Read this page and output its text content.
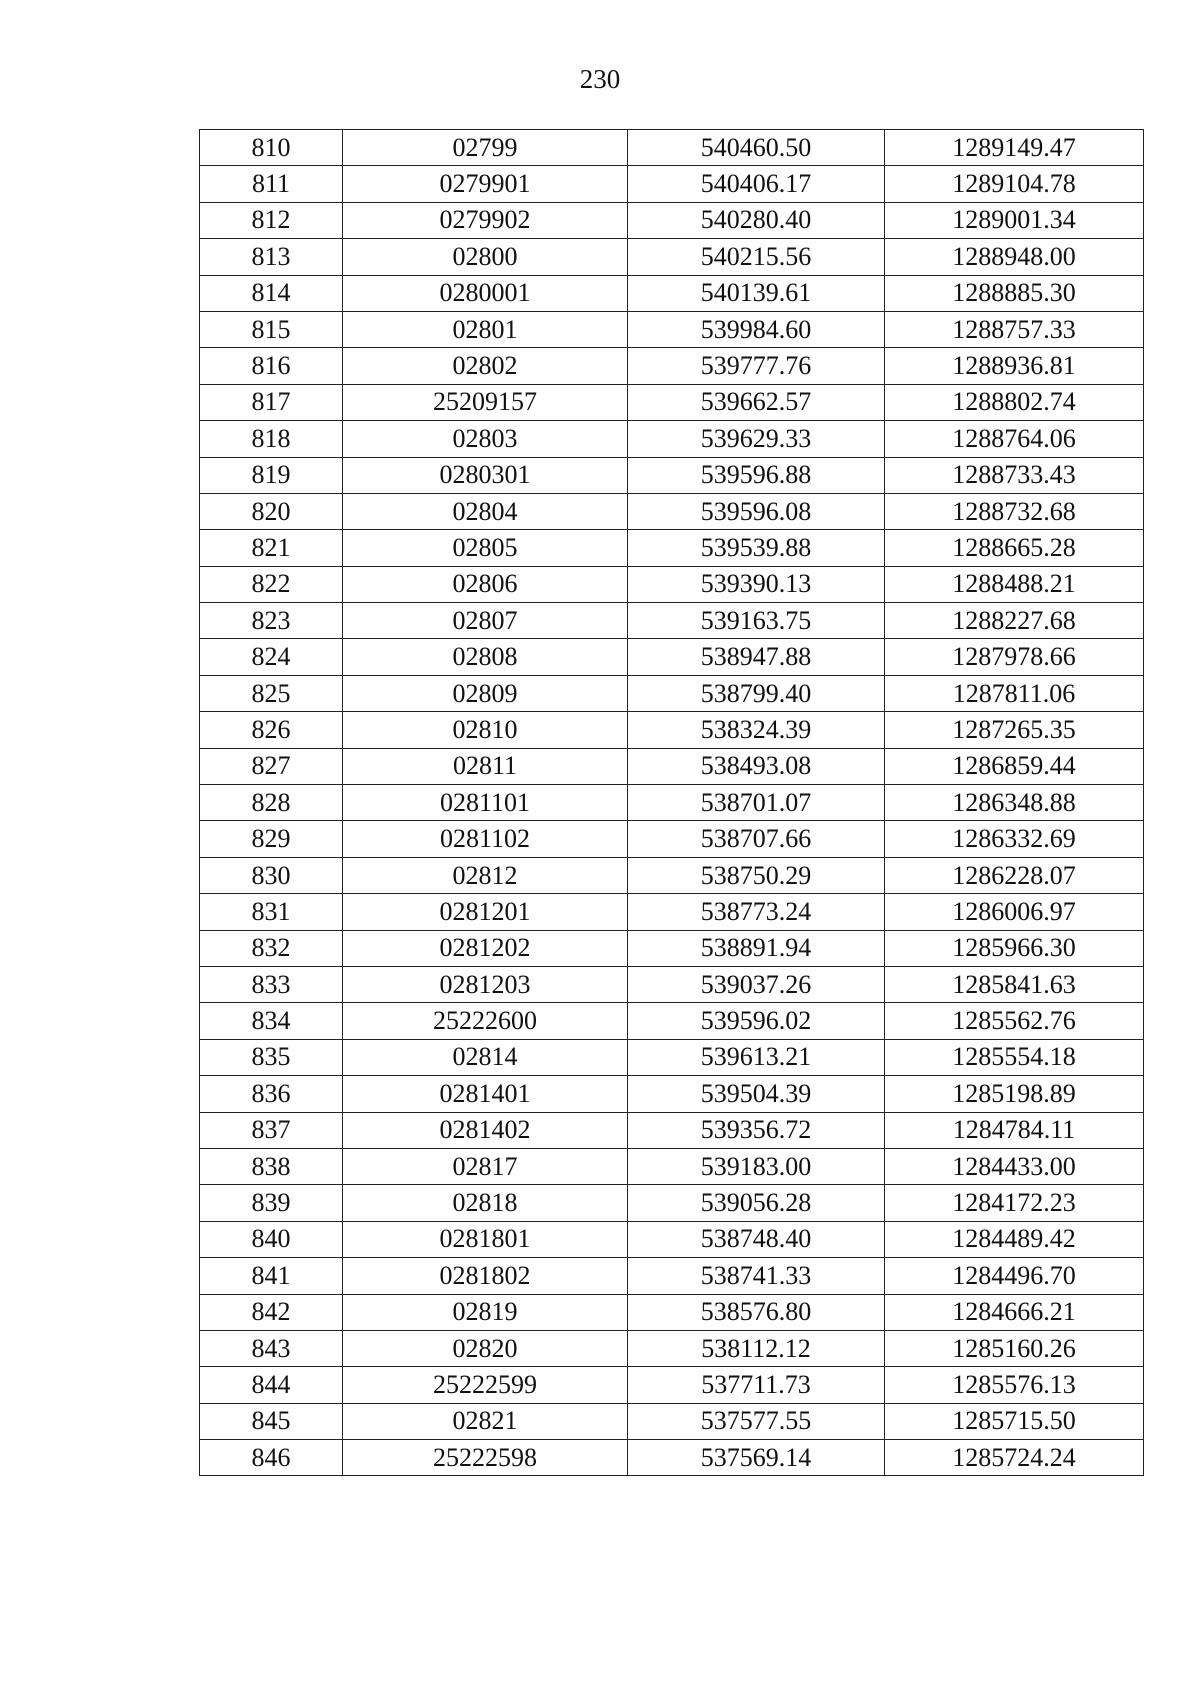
230
810	02799	540460.50	1289149.47
811	0279901	540406.17	1289104.78
812	0279902	540280.40	1289001.34
813	02800	540215.56	1288948.00
814	0280001	540139.61	1288885.30
815	02801	539984.60	1288757.33
816	02802	539777.76	1288936.81
817	25209157	539662.57	1288802.74
818	02803	539629.33	1288764.06
819	0280301	539596.88	1288733.43
820	02804	539596.08	1288732.68
821	02805	539539.88	1288665.28
822	02806	539390.13	1288488.21
823	02807	539163.75	1288227.68
824	02808	538947.88	1287978.66
825	02809	538799.40	1287811.06
826	02810	538324.39	1287265.35
827	02811	538493.08	1286859.44
828	0281101	538701.07	1286348.88
829	0281102	538707.66	1286332.69
830	02812	538750.29	1286228.07
831	0281201	538773.24	1286006.97
832	0281202	538891.94	1285966.30
833	0281203	539037.26	1285841.63
834	25222600	539596.02	1285562.76
835	02814	539613.21	1285554.18
836	0281401	539504.39	1285198.89
837	0281402	539356.72	1284784.11
838	02817	539183.00	1284433.00
839	02818	539056.28	1284172.23
840	0281801	538748.40	1284489.42
841	0281802	538741.33	1284496.70
842	02819	538576.80	1284666.21
843	02820	538112.12	1285160.26
844	25222599	537711.73	1285576.13
845	02821	537577.55	1285715.50
846	25222598	537569.14	1285724.24
